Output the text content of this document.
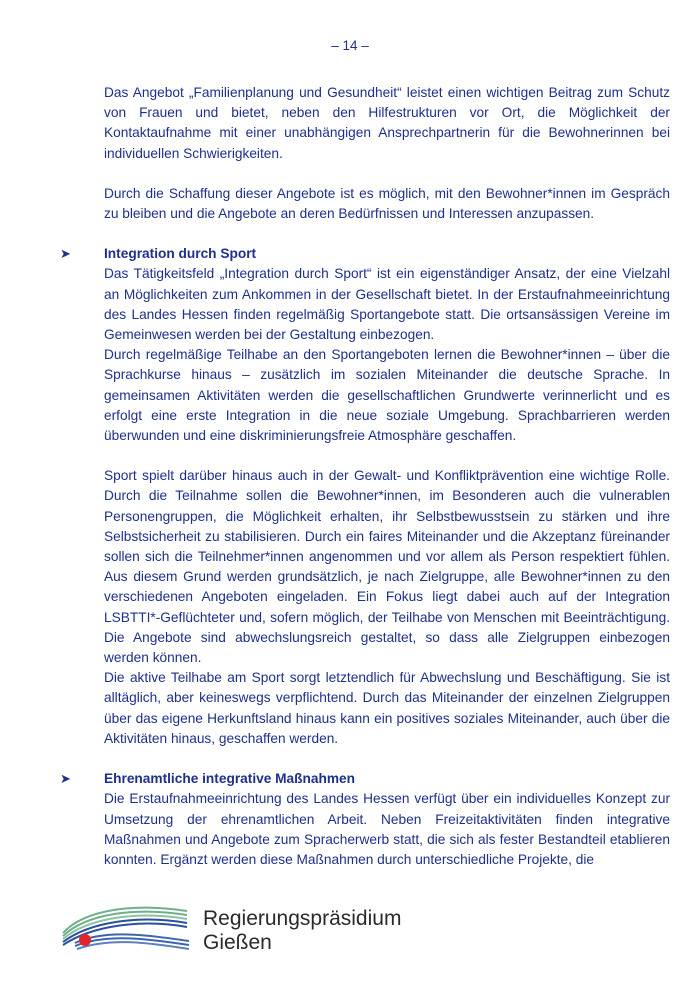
– 14 –

Das Angebot „Familienplanung und Gesundheit“ leistet einen wichtigen Beitrag zum Schutz von Frauen und bietet, neben den Hilfestrukturen vor Ort, die Möglichkeit der Kontaktaufnahme mit einer unabhängigen Ansprechpartnerin für die Bewohnerinnen bei individuellen Schwierigkeiten.

Durch die Schaffung dieser Angebote ist es möglich, mit den Bewohner*innen im Gespräch zu bleiben und die Angebote an deren Bedürfnissen und Interessen anzupassen.

➤ Integration durch Sport

Das Tätigkeitsfeld „Integration durch Sport“ ist ein eigenständiger Ansatz, der eine Vielzahl an Möglichkeiten zum Ankommen in der Gesellschaft bietet. In der Erstaufnahmeeinrichtung des Landes Hessen finden regelmäßig Sportangebote statt. Die ortsansässigen Vereine im Gemeinwesen werden bei der Gestaltung einbezogen.

Durch regelmäßige Teilhabe an den Sportangeboten lernen die Bewohner*innen – über die Sprachkurse hinaus – zusätzlich im sozialen Miteinander die deutsche Sprache. In gemeinsamen Aktivitäten werden die gesellschaftlichen Grundwerte verinnerlicht und es erfolgt eine erste Integration in die neue soziale Umgebung. Sprachbarrieren werden überwunden und eine diskriminierungsfreie Atmosphäre geschaffen.

Sport spielt darüber hinaus auch in der Gewalt- und Konfliktprävention eine wichtige Rolle. Durch die Teilnahme sollen die Bewohner*innen, im Besonderen auch die vulnerablen Personengruppen, die Möglichkeit erhalten, ihr Selbstbewusstsein zu stärken und ihre Selbstsicherheit zu stabilisieren. Durch ein faires Miteinander und die Akzeptanz füreinander sollen sich die Teilnehmer*innen angenommen und vor allem als Person respektiert fühlen. Aus diesem Grund werden grundsätzlich, je nach Zielgruppe, alle Bewohner*innen zu den verschiedenen Angeboten eingeladen. Ein Fokus liegt dabei auch auf der Integration LSBTTI*-Geflüchteter und, sofern möglich, der Teilhabe von Menschen mit Beeinträchtigung. Die Angebote sind abwechslungsreich gestaltet, so dass alle Zielgruppen einbezogen werden können.

Die aktive Teilhabe am Sport sorgt letztendlich für Abwechslung und Beschäftigung. Sie ist alltäglich, aber keineswegs verpflichtend. Durch das Miteinander der einzelnen Zielgruppen über das eigene Herkunftsland hinaus kann ein positives soziales Miteinander, auch über die Aktivitäten hinaus, geschaffen werden.

➤ Ehrenamtliche integrative Maßnahmen

Die Erstaufnahmeeinrichtung des Landes Hessen verfügt über ein individuelles Konzept zur Umsetzung der ehrenamtlichen Arbeit. Neben Freizeitaktivitäten finden integrative Maßnahmen und Angebote zum Spracherwerb statt, die sich als fester Bestandteil etablieren konnten. Ergänzt werden diese Maßnahmen durch unterschiedliche Projekte, die

Regierungspräsidium
Gießen
